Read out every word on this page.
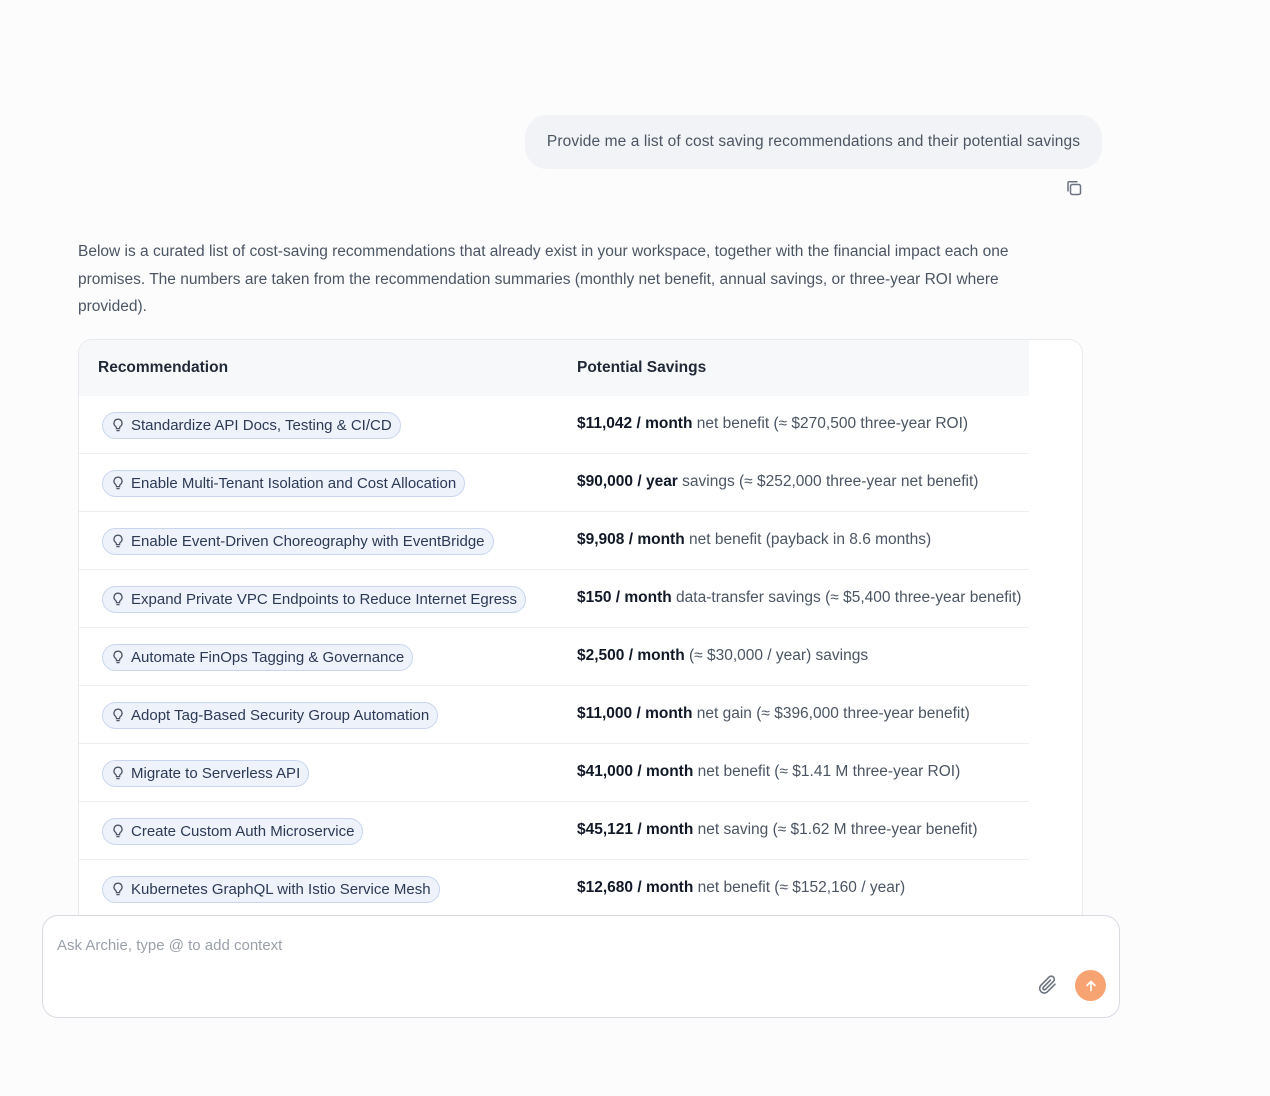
Provide me a list of cost saving recommendations and their potential savings

Below is a curated list of cost-saving recommendations that already exist in your workspace, together with the financial impact each one promises. The numbers are taken from the recommendation summaries (monthly net benefit, annual savings, or three-year ROI where provided).

Recommendation	Potential Savings
Standardize API Docs, Testing & CI/CD	$11,042 / month net benefit (≈ $270,500 three-year ROI)
Enable Multi-Tenant Isolation and Cost Allocation	$90,000 / year savings (≈ $252,000 three-year net benefit)
Enable Event-Driven Choreography with EventBridge	$9,908 / month net benefit (payback in 8.6 months)
Expand Private VPC Endpoints to Reduce Internet Egress	$150 / month data-transfer savings (≈ $5,400 three-year benefit)
Automate FinOps Tagging & Governance	$2,500 / month (≈ $30,000 / year) savings
Adopt Tag-Based Security Group Automation	$11,000 / month net gain (≈ $396,000 three-year benefit)
Migrate to Serverless API	$41,000 / month net benefit (≈ $1.41 M three-year ROI)
Create Custom Auth Microservice	$45,121 / month net saving (≈ $1.62 M three-year benefit)
Kubernetes GraphQL with Istio Service Mesh	$12,680 / month net benefit (≈ $152,160 / year)
Ask Archie, type @ to add context
